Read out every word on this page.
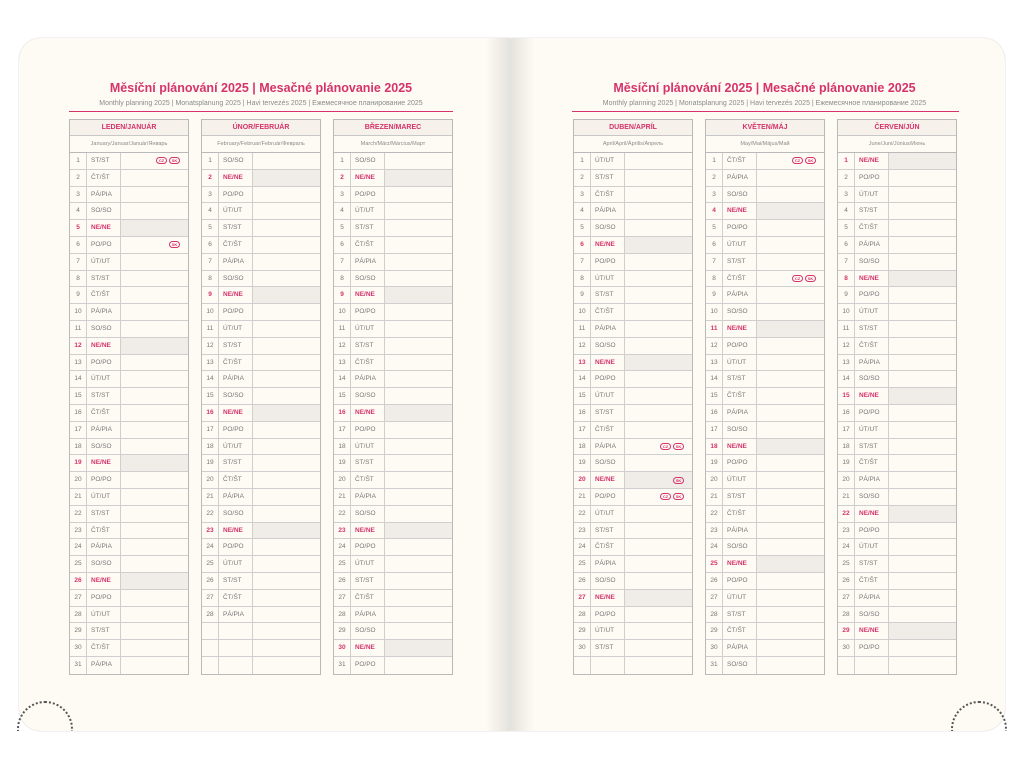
Měsíční plánování 2025 | Mesačné plánovanie 2025
Monthly planning 2025 | Monatsplanung 2025 | Havi tervezés 2025 | Ежемесячное планирование 2025
LEDEN/JANUÁR
January/Januar/Január/Январь
1	ST/ST	CZ	SK
2	ČT/ŠT
3	PÁ/PIA
4	SO/SO
5	NE/NE
6	PO/PO	SK
7	ÚT/UT
8	ST/ST
9	ČT/ŠT
10	PÁ/PIA
11	SO/SO
12	NE/NE
13	PO/PO
14	ÚT/UT
15	ST/ST
16	ČT/ŠT
17	PÁ/PIA
18	SO/SO
19	NE/NE
20	PO/PO
21	ÚT/UT
22	ST/ST
23	ČT/ŠT
24	PÁ/PIA
25	SO/SO
26	NE/NE
27	PO/PO
28	ÚT/UT
29	ST/ST
30	ČT/ŠT
31	PÁ/PIA
ÚNOR/FEBRUÁR
February/Februar/Február/Февраль
1	SO/SO
2	NE/NE
3	PO/PO
4	ÚT/UT
5	ST/ST
6	ČT/ŠT
7	PÁ/PIA
8	SO/SO
9	NE/NE
10	PO/PO
11	ÚT/UT
12	ST/ST
13	ČT/ŠT
14	PÁ/PIA
15	SO/SO
16	NE/NE
17	PO/PO
18	ÚT/UT
19	ST/ST
20	ČT/ŠT
21	PÁ/PIA
22	SO/SO
23	NE/NE
24	PO/PO
25	ÚT/UT
26	ST/ST
27	ČT/ŠT
28	PÁ/PIA
BŘEZEN/MAREC
March/März/Március/Март
1	SO/SO
2	NE/NE
3	PO/PO
4	ÚT/UT
5	ST/ST
6	ČT/ŠT
7	PÁ/PIA
8	SO/SO
9	NE/NE
10	PO/PO
11	ÚT/UT
12	ST/ST
13	ČT/ŠT
14	PÁ/PIA
15	SO/SO
16	NE/NE
17	PO/PO
18	ÚT/UT
19	ST/ST
20	ČT/ŠT
21	PÁ/PIA
22	SO/SO
23	NE/NE
24	PO/PO
25	ÚT/UT
26	ST/ST
27	ČT/ŠT
28	PÁ/PIA
29	SO/SO
30	NE/NE
31	PO/PO
Měsíční plánování 2025 | Mesačné plánovanie 2025
Monthly planning 2025 | Monatsplanung 2025 | Havi tervezés 2025 | Ежемесячное планирование 2025
DUBEN/APRÍL
April/April/Április/Апрель
1	ÚT/UT
2	ST/ST
3	ČT/ŠT
4	PÁ/PIA
5	SO/SO
6	NE/NE
7	PO/PO
8	ÚT/UT
9	ST/ST
10	ČT/ŠT
11	PÁ/PIA
12	SO/SO
13	NE/NE
14	PO/PO
15	ÚT/UT
16	ST/ST
17	ČT/ŠT
18	PÁ/PIA	CZ	SK
19	SO/SO
20	NE/NE	SK
21	PO/PO	CZ	SK
22	ÚT/UT
23	ST/ST
24	ČT/ŠT
25	PÁ/PIA
26	SO/SO
27	NE/NE
28	PO/PO
29	ÚT/UT
30	ST/ST
KVĚTEN/MÁJ
May/Mai/Május/Май
1	ČT/ŠT	CZ	SK
2	PÁ/PIA
3	SO/SO
4	NE/NE
5	PO/PO
6	ÚT/UT
7	ST/ST
8	ČT/ŠT	CZ	SK
9	PÁ/PIA
10	SO/SO
11	NE/NE
12	PO/PO
13	ÚT/UT
14	ST/ST
15	ČT/ŠT
16	PÁ/PIA
17	SO/SO
18	NE/NE
19	PO/PO
20	ÚT/UT
21	ST/ST
22	ČT/ŠT
23	PÁ/PIA
24	SO/SO
25	NE/NE
26	PO/PO
27	ÚT/UT
28	ST/ST
29	ČT/ŠT
30	PÁ/PIA
31	SO/SO
ČERVEN/JÚN
June/Juni/Június/Июнь
1	NE/NE
2	PO/PO
3	ÚT/UT
4	ST/ST
5	ČT/ŠT
6	PÁ/PIA
7	SO/SO
8	NE/NE
9	PO/PO
10	ÚT/UT
11	ST/ST
12	ČT/ŠT
13	PÁ/PIA
14	SO/SO
15	NE/NE
16	PO/PO
17	ÚT/UT
18	ST/ST
19	ČT/ŠT
20	PÁ/PIA
21	SO/SO
22	NE/NE
23	PO/PO
24	ÚT/UT
25	ST/ST
26	ČT/ŠT
27	PÁ/PIA
28	SO/SO
29	NE/NE
30	PO/PO
